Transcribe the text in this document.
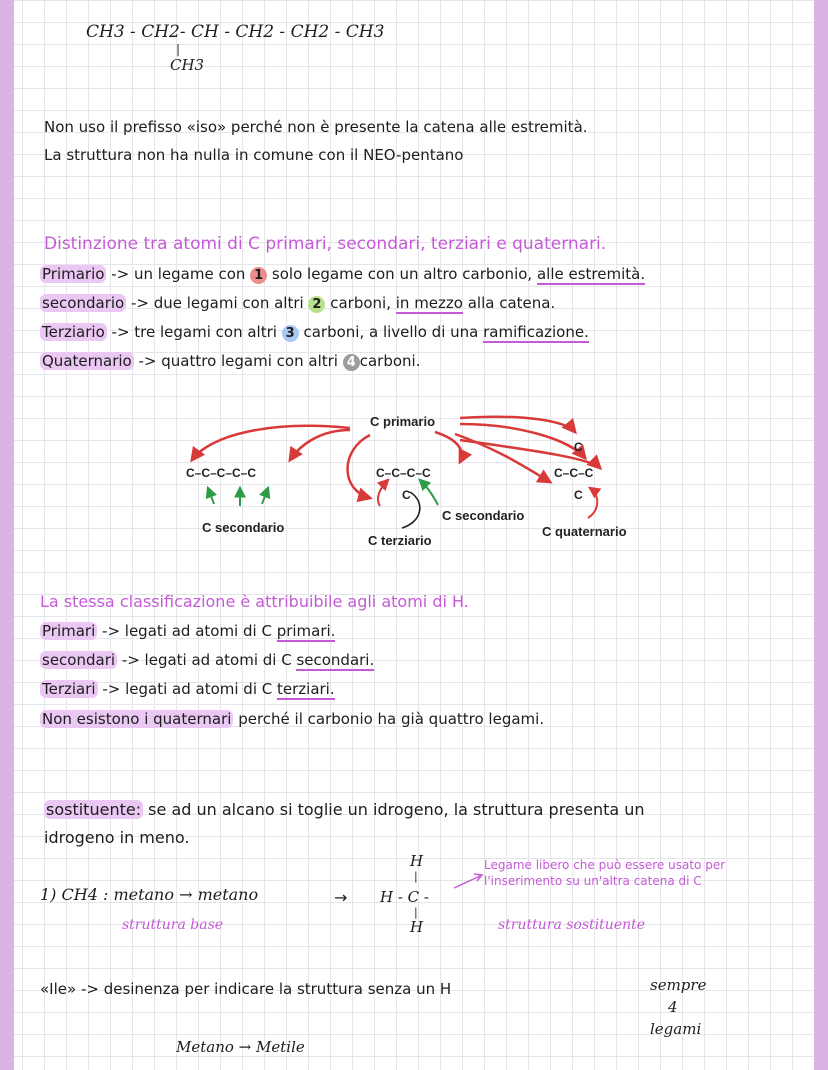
CH3 - CH2- CH - CH2 - CH2 - CH3
|
CH3
Non uso il prefisso «iso» perché non è presente la catena alle estremità.
La struttura non ha nulla in comune con il NEO-pentano
Distinzione tra atomi di C primari, secondari, terziari e quaternari.
Primario -> un legame con 1 solo legame con un altro carbonio, alle estremità.
secondario -> due legami con altri 2 carboni, in mezzo alla catena.
Terziario -> tre legami con altri 3 carboni, a livello di una ramificazione.
Quaternario -> quattro legami con altri 4 carboni.
C primario
C–C–C–C–C	C–C–C–C
C
C
C–C–C
C
C secondario
C secondario
C terziario
C quaternario
La stessa classificazione è attribuibile agli atomi di H.
Primari -> legati ad atomi di C primari.
secondari -> legati ad atomi di C secondari.
Terziari -> legati ad atomi di C terziari.
Non esistono i quaternari perché il carbonio ha già quattro legami.
sostituente: se ad un alcano si toglie un idrogeno, la struttura presenta un
idrogeno in meno.
1) CH4 : metano → metano
struttura base
→
H
|
H - C -
|
H
Legame libero che può essere usato per
l'inserimento su un'altra catena di C
struttura sostituente
«Ile» -> desinenza per indicare la struttura senza un H	sempre
4
legami
Metano → Metile
